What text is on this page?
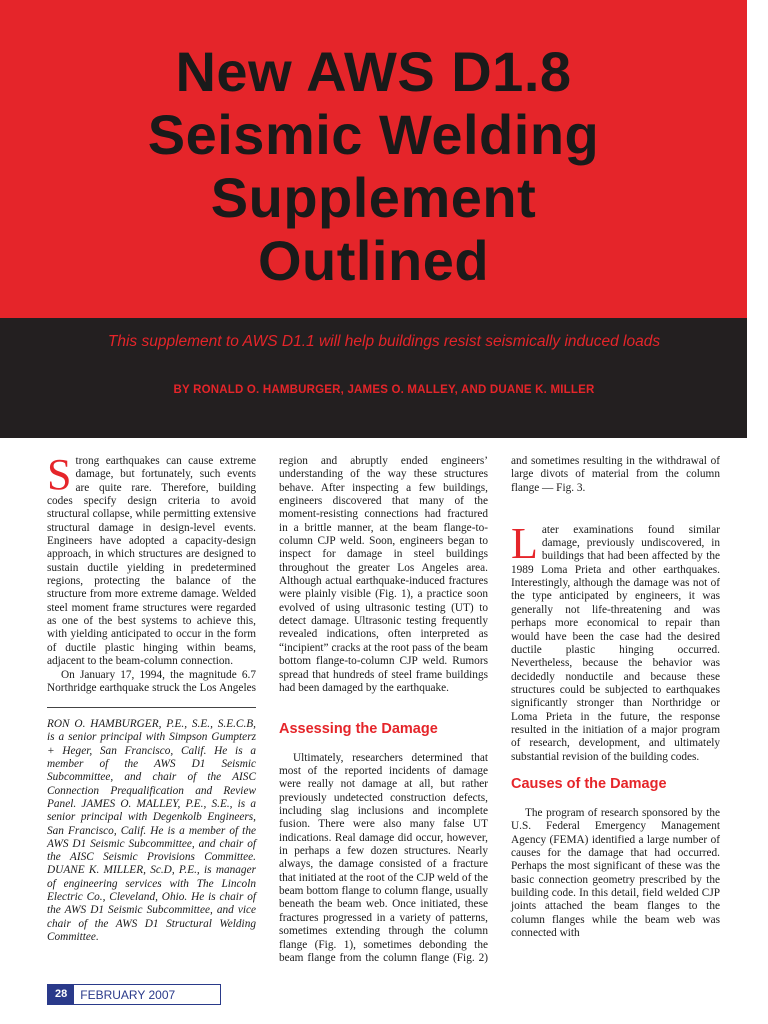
New AWS D1.8
Seismic Welding
Supplement
Outlined

This supplement to AWS D1.1 will help buildings resist seismically induced loads

BY RONALD O. HAMBURGER, JAMES O. MALLEY, AND DUANE K. MILLER

Strong earthquakes can cause extreme damage, but fortunately, such events are quite rare. Therefore, building codes specify design criteria to avoid structural collapse, while permitting extensive structural damage in design-level events. Engineers have adopted a capacity-design approach, in which structures are designed to sustain ductile yielding in predetermined regions, protecting the balance of the structure from more extreme damage. Welded steel moment frame structures were regarded as one of the best systems to achieve this, with yielding anticipated to occur in the form of ductile plastic hinging within beams, adjacent to the beam-column connection.

On January 17, 1994, the magnitude 6.7 Northridge earthquake struck the Los Angeles

RON O. HAMBURGER, P.E., S.E., S.E.C.B, is a senior principal with Simpson Gumpterz + Heger, San Francisco, Calif. He is a member of the AWS D1 Seismic Subcommittee, and chair of the AISC Connection Prequalification and Review Panel. JAMES O. MALLEY, P.E., S.E., is a senior principal with Degenkolb Engineers, San Francisco, Calif. He is a member of the AWS D1 Seismic Subcommittee, and chair of the AISC Seismic Provisions Committee. DUANE K. MILLER, Sc.D, P.E., is manager of engineering services with The Lincoln Electric Co., Cleveland, Ohio. He is chair of the AWS D1 Seismic Subcommittee, and vice chair of the AWS D1 Structural Welding Committee.

region and abruptly ended engineers’ understanding of the way these structures behave. After inspecting a few buildings, engineers discovered that many of the moment-resisting connections had fractured in a brittle manner, at the beam flange-to-column CJP weld. Soon, engineers began to inspect for damage in steel buildings throughout the greater Los Angeles area. Although actual earthquake-induced fractures were plainly visible (Fig. 1), a practice soon evolved of using ultrasonic testing (UT) to detect damage. Ultrasonic testing frequently revealed indications, often interpreted as “incipient” cracks at the root pass of the beam bottom flange-to-column CJP weld. Rumors spread that hundreds of steel frame buildings had been damaged by the earthquake.

Assessing the Damage

Ultimately, researchers determined that most of the reported incidents of damage were really not damage at all, but rather previously undetected construction defects, including slag inclusions and incomplete fusion. There were also many false UT indications. Real damage did occur, however, in perhaps a few dozen structures. Nearly always, the damage consisted of a fracture that initiated at the root of the CJP weld of the beam bottom flange to column flange, usually beneath the beam web. Once initiated, these fractures progressed in a variety of patterns, sometimes extending through the column flange (Fig. 1), sometimes debonding the beam flange from the column flange (Fig. 2)

and sometimes resulting in the withdrawal of large divots of material from the column flange — Fig. 3.

Later examinations found similar damage, previously undiscovered, in buildings that had been affected by the 1989 Loma Prieta and other earthquakes. Interestingly, although the damage was not of the type anticipated by engineers, it was generally not life-threatening and was perhaps more economical to repair than would have been the case had the desired ductile plastic hinging occurred. Nevertheless, because the behavior was decidedly nonductile and because these structures could be subjected to earthquakes significantly stronger than Northridge or Loma Prieta in the future, the response resulted in the initiation of a major program of research, development, and ultimately substantial revision of the building codes.

Causes of the Damage

The program of research sponsored by the U.S. Federal Emergency Management Agency (FEMA) identified a large number of causes for the damage that had occurred. Perhaps the most significant of these was the basic connection geometry prescribed by the building code. In this detail, field welded CJP joints attached the beam flanges to the column flanges while the beam web was connected with

28	FEBRUARY 2007
